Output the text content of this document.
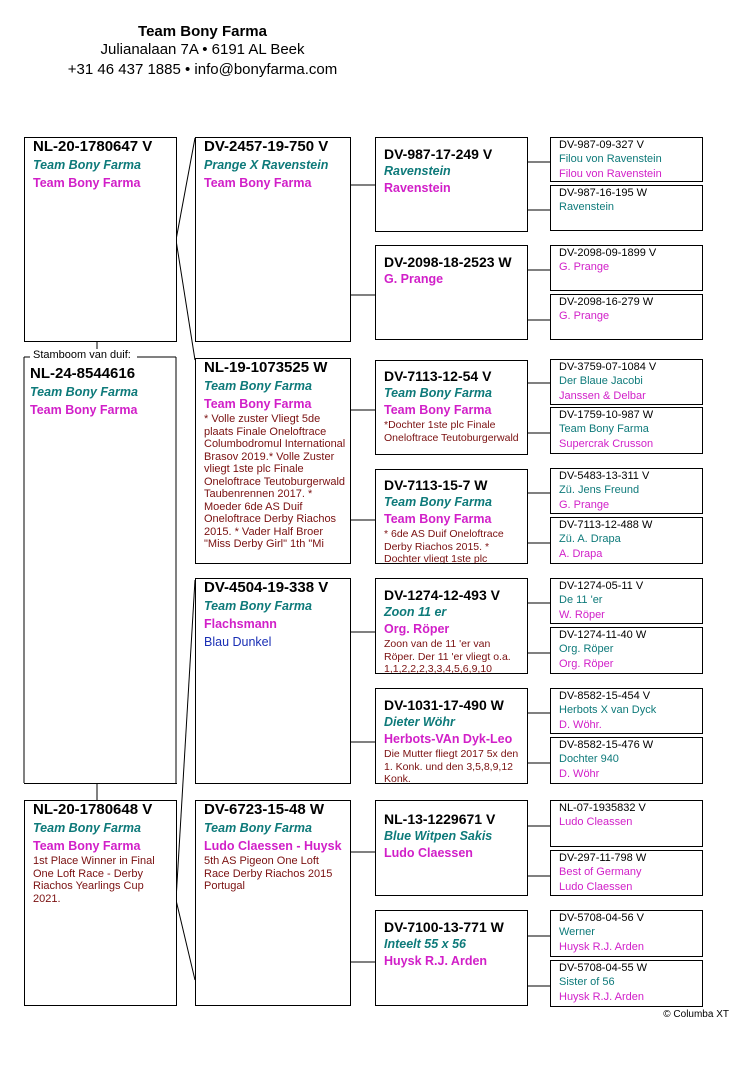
Team Bony Farma
Julianalaan 7A • 6191 AL Beek
+31 46 437 1885 • info@bonyfarma.com
Stamboom van duif:
NL-20-1780647 V
Team Bony Farma
Team Bony Farma
NL-24-8544616
Team Bony Farma
Team Bony Farma
NL-20-1780648 V
Team Bony Farma
Team Bony Farma
1st Place Winner in Final One Loft Race - Derby Riachos Yearlings Cup 2021.
DV-2457-19-750 V
Prange X Ravenstein
Team Bony Farma
NL-19-1073525 W
Team Bony Farma
Team Bony Farma
* Volle zuster Vliegt 5de plaats Finale Oneloftrace Columbodromul International Brasov 2019.* Volle Zuster vliegt 1ste plc Finale Oneloftrace Teutoburgerwald Taubenrennen 2017. * Moeder 6de AS Duif Oneloftrace Derby Riachos 2015. * Vader Half Broer "Miss Derby Girl" 1th "Mi
DV-4504-19-338 V
Team Bony Farma
Flachsmann
Blau Dunkel
DV-6723-15-48 W
Team Bony Farma
Ludo Claessen - Huysk
5th AS Pigeon One Loft Race Derby Riachos 2015 Portugal
DV-987-17-249 V
Ravenstein
Ravenstein
DV-2098-18-2523 W
G. Prange
DV-7113-12-54 V
Team Bony Farma
Team Bony Farma
*Dochter 1ste plc Finale Oneloftrace Teutoburgerwald
DV-7113-15-7 W
Team Bony Farma
Team Bony Farma
* 6de AS Duif Oneloftrace Derby Riachos 2015. * Dochter vliegt 1ste plc
DV-1274-12-493 V
Zoon 11 er
Org. Röper
Zoon van de 11 'er van Röper. Der 11 'er vliegt o.a. 1,1,2,2,2,3,3,4,5,6,9,10
DV-1031-17-490 W
Dieter Wöhr
Herbots-VAn Dyk-Leo
Die Mutter fliegt 2017 5x den 1. Konk. und den 3,5,8,9,12 Konk.
NL-13-1229671 V
Blue Witpen Sakis
Ludo Claessen
DV-7100-13-771 W
Inteelt 55 x 56
Huysk R.J. Arden
DV-987-09-327 V
Filou von Ravenstein
Filou von Ravenstein
DV-987-16-195 W
Ravenstein
DV-2098-09-1899 V
G. Prange
DV-2098-16-279 W
G. Prange
DV-3759-07-1084 V
Der Blaue Jacobi
Janssen & Delbar
DV-1759-10-987 W
Team Bony Farma
Supercrak Crusson
DV-5483-13-311 V
Zü. Jens Freund
G. Prange
DV-7113-12-488 W
Zü. A. Drapa
A. Drapa
DV-1274-05-11 V
De 11 'er
W. Röper
DV-1274-11-40 W
Org. Röper
Org. Röper
DV-8582-15-454 V
Herbots X van Dyck
D. Wöhr.
DV-8582-15-476 W
Dochter 940
D. Wöhr
NL-07-1935832 V
Ludo Cleassen
DV-297-11-798 W
Best of Germany
Ludo Claessen
DV-5708-04-56 V
Werner
Huysk R.J. Arden
DV-5708-04-55 W
Sister of 56
Huysk R.J. Arden
© Columba XT
